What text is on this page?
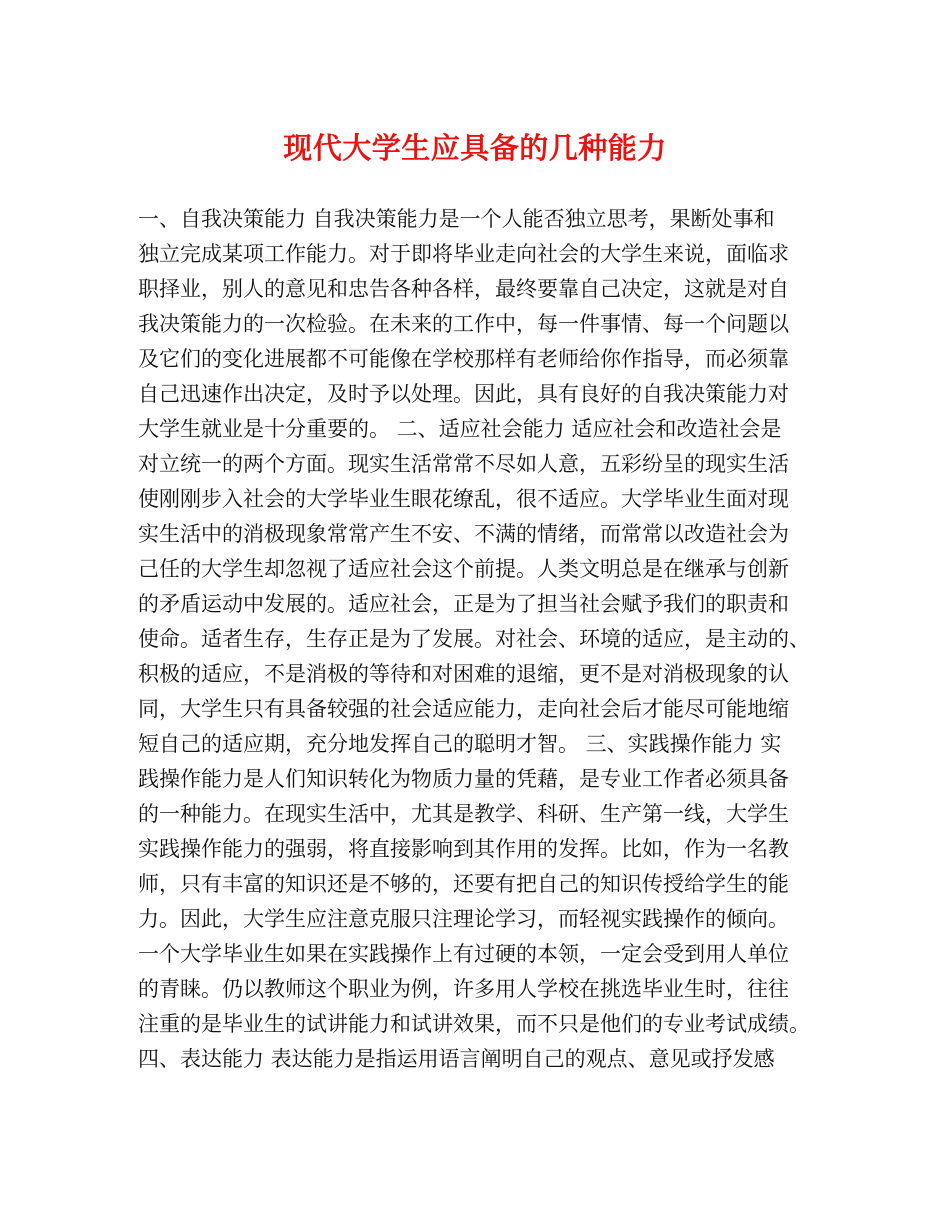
现代大学生应具备的几种能力
一、自我决策能力 自我决策能力是一个人能否独立思考，果断处事和
独立完成某项工作能力。对于即将毕业走向社会的大学生来说，面临求
职择业，别人的意见和忠告各种各样，最终要靠自己决定，这就是对自
我决策能力的一次检验。在未来的工作中，每一件事情、每一个问题以
及它们的变化进展都不可能像在学校那样有老师给你作指导，而必须靠
自己迅速作出决定，及时予以处理。因此，具有良好的自我决策能力对
大学生就业是十分重要的。 二、适应社会能力 适应社会和改造社会是
对立统一的两个方面。现实生活常常不尽如人意，五彩纷呈的现实生活
使刚刚步入社会的大学毕业生眼花缭乱，很不适应。大学毕业生面对现
实生活中的消极现象常常产生不安、不满的情绪，而常常以改造社会为
己任的大学生却忽视了适应社会这个前提。人类文明总是在继承与创新
的矛盾运动中发展的。适应社会，正是为了担当社会赋予我们的职责和
使命。适者生存，生存正是为了发展。对社会、环境的适应，是主动的、
积极的适应，不是消极的等待和对困难的退缩，更不是对消极现象的认
同，大学生只有具备较强的社会适应能力，走向社会后才能尽可能地缩
短自己的适应期，充分地发挥自己的聪明才智。 三、实践操作能力 实
践操作能力是人们知识转化为物质力量的凭藉，是专业工作者必须具备
的一种能力。在现实生活中，尤其是教学、科研、生产第一线，大学生
实践操作能力的强弱，将直接影响到其作用的发挥。比如，作为一名教
师，只有丰富的知识还是不够的，还要有把自己的知识传授给学生的能
力。因此，大学生应注意克服只注理论学习，而轻视实践操作的倾向。
一个大学毕业生如果在实践操作上有过硬的本领，一定会受到用人单位
的青睐。仍以教师这个职业为例，许多用人学校在挑选毕业生时，往往
注重的是毕业生的试讲能力和试讲效果，而不只是他们的专业考试成绩。
四、表达能力 表达能力是指运用语言阐明自己的观点、意见或抒发感
